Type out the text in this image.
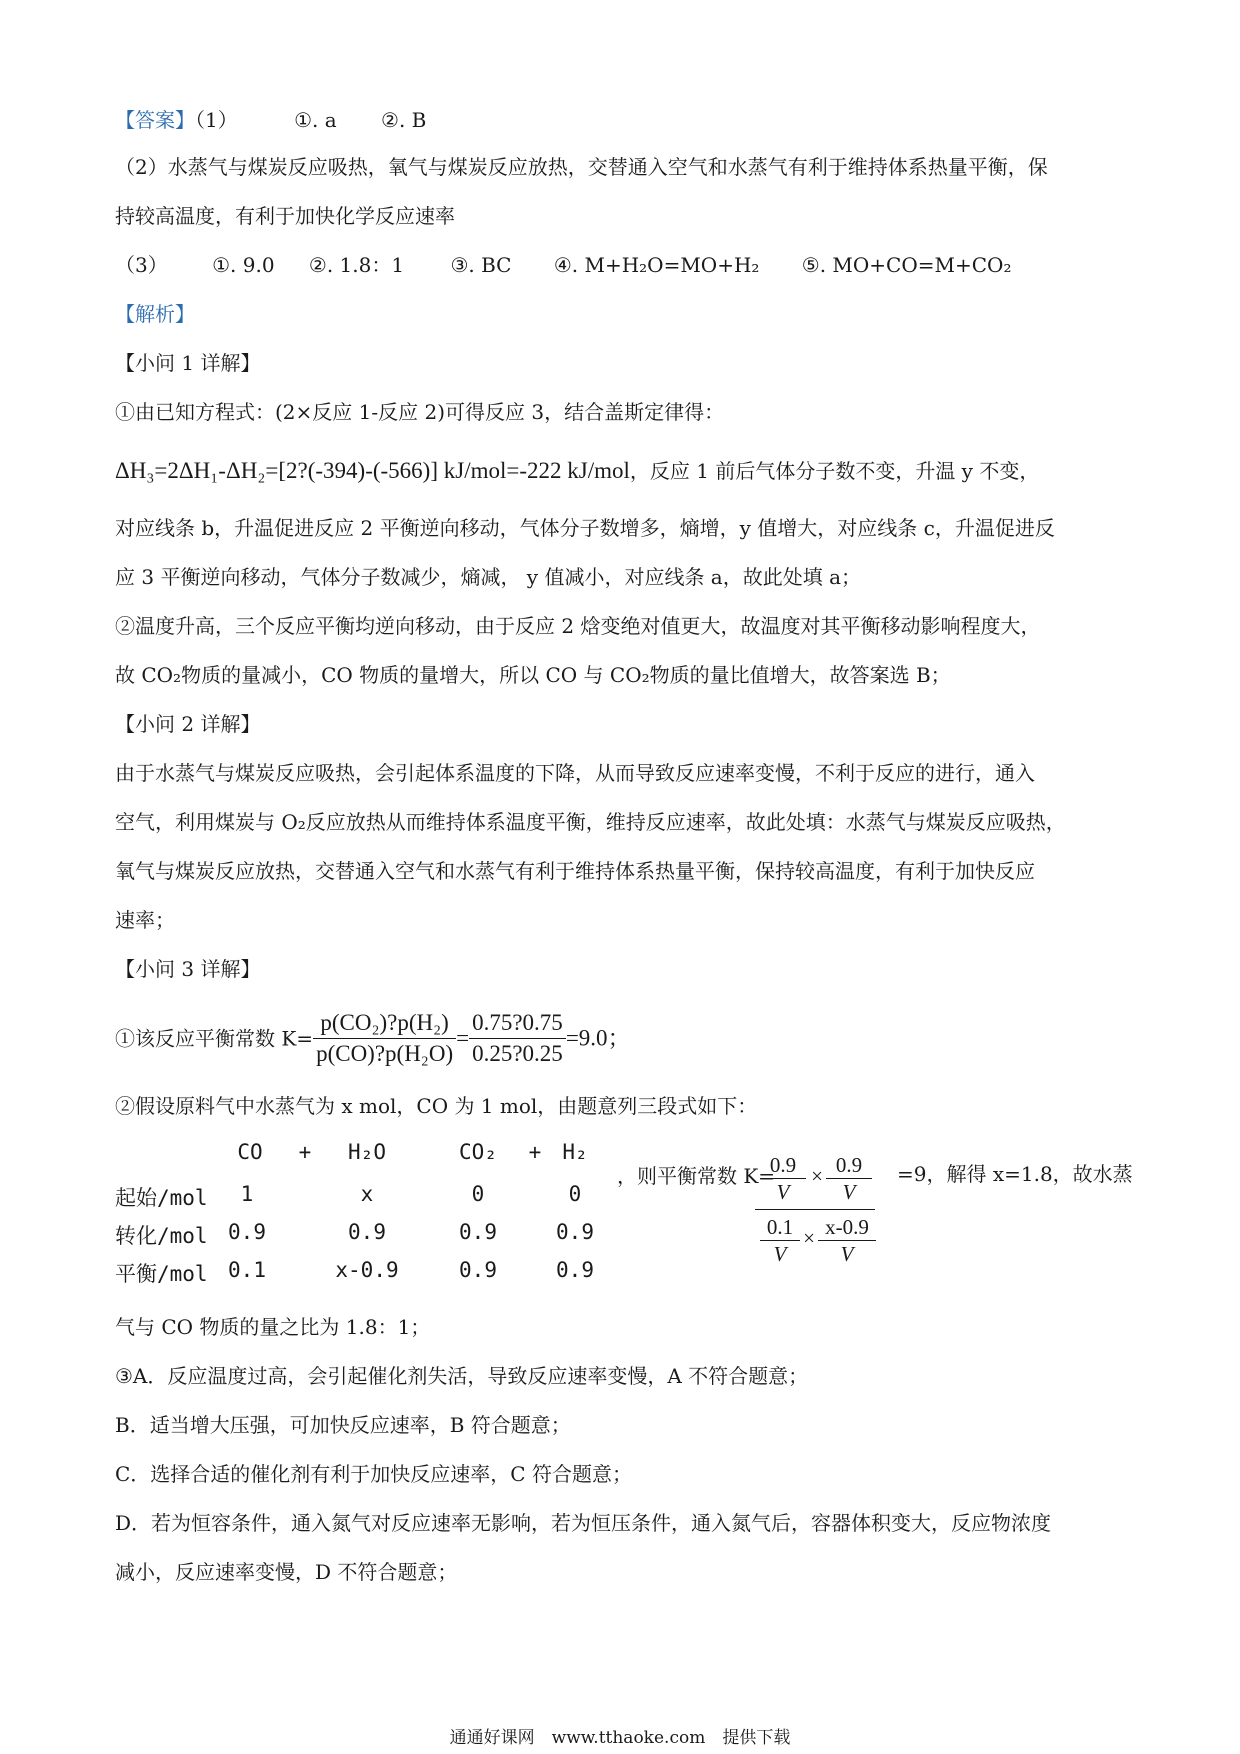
【答案】（1）	①. a ②. B
（2）水蒸气与煤炭反应吸热，氧气与煤炭反应放热，交替通入空气和水蒸气有利于维持体系热量平衡，保
持较高温度，有利于加快化学反应速率
（3） ①. 9.0 ②. 1.8：1 ③. BC ④. M+H₂O=MO+H₂ ⑤. MO+CO=M+CO₂
【解析】
【小问 1 详解】
①由已知方程式：(2×反应 1-反应 2)可得反应 3，结合盖斯定律得：
ΔH₃=2ΔH₁-ΔH₂=[2?(-394)-(-566)] kJ/mol=-222 kJ/mol，反应 1 前后气体分子数不变，升温 y 不变，
对应线条 b，升温促进反应 2 平衡逆向移动，气体分子数增多，熵增，y 值增大，对应线条 c，升温促进反
应 3 平衡逆向移动，气体分子数减少，熵减， y 值减小，对应线条 a，故此处填 a；
②温度升高，三个反应平衡均逆向移动，由于反应 2 焓变绝对值更大，故温度对其平衡移动影响程度大，
故 CO₂物质的量减小，CO 物质的量增大，所以 CO 与 CO₂物质的量比值增大，故答案选 B；
【小问 2 详解】
由于水蒸气与煤炭反应吸热，会引起体系温度的下降，从而导致反应速率变慢，不利于反应的进行，通入
空气，利用煤炭与 O₂反应放热从而维持体系温度平衡，维持反应速率，故此处填：水蒸气与煤炭反应吸热，
氧气与煤炭反应放热，交替通入空气和水蒸气有利于维持体系热量平衡，保持较高温度，有利于加快反应
速率；
【小问 3 详解】
①该反应平衡常数 $K= \frac{\text{p(CO₂)?p(H₂)}}{\text{p(CO)?p(H₂O)}} = \frac{0.75?0.75}{0.25?0.25} =9.0$；
②假设原料气中水蒸气为 x mol，CO 为 1 mol，由题意列三段式如下：
CO	+	H₂O	CO₂	+	H₂
起始/mol	1	x	0	0
转化/mol 0.9	0.9	0.9	0.9
平衡/mol 0.1	x-0.9	0.9	0.9
，则平衡常数 K=
0.9
V
× 0.9
V
0.1
V
× x-0.9
V
=9，解得 x=1.8，故水蒸
气与 CO 物质的量之比为 1.8：1；
③A．反应温度过高，会引起催化剂失活，导致反应速率变慢，A 不符合题意；
B．适当增大压强，可加快反应速率，B 符合题意；
C．选择合适的催化剂有利于加快反应速率，C 符合题意；
D．若为恒容条件，通入氮气对反应速率无影响，若为恒压条件，通入氮气后，容器体积变大，反应物浓度
减小，反应速率变慢，D 不符合题意；
通通好课网　www.tthaoke.com　提供下载
